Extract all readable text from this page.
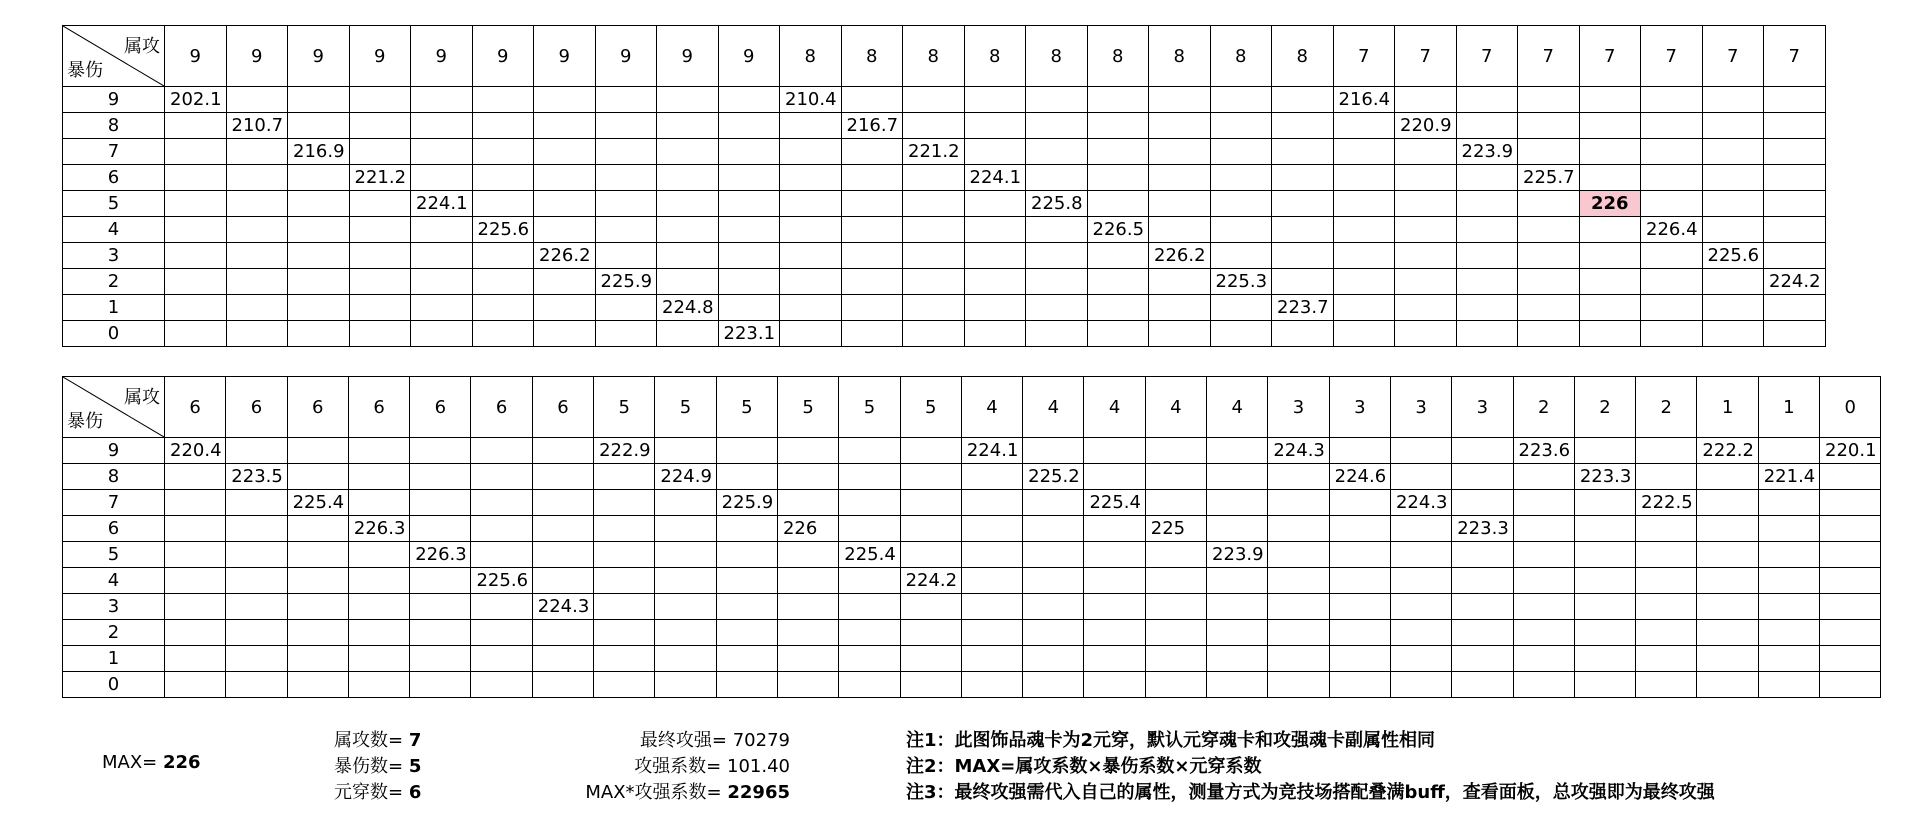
属攻
暴伤	9	9	9	9	9	9	9	9	9	9	8	8	8	8	8	8	8	8	8	7	7	7	7	7	7	7	7
9	202.1										210.4									216.4							
8		210.7										216.7									220.9						
7			216.9										221.2									223.9					
6				221.2										224.1									225.7				
5					224.1										225.8									226			
4						225.6										226.5									226.4		
3							226.2										226.2									225.6	
2								225.9										225.3									224.2
1									224.8										223.7								
0										223.1																	
属攻
暴伤	6	6	6	6	6	6	6	5	5	5	5	5	5	4	4	4	4	4	3	3	3	3	2	2	2	1	1	0
9	220.4							222.9						224.1					224.3				223.6			222.2		220.1
8		223.5							224.9						225.2					224.6				223.3			221.4	
7			225.4							225.9						225.4					224.3				222.5			
6				226.3							226						225					223.3						
5					226.3							225.4						223.9										
4						225.6							224.2															
3							224.3																					
2																												
1																												
0																												
MAX= 226
属攻数= 7
暴伤数= 5
元穿数= 6
最终攻强= 70279
攻强系数= 101.40
MAX*攻强系数= 22965
注1：此图饰品魂卡为2元穿，默认元穿魂卡和攻强魂卡副属性相同
注2：MAX=属攻系数×暴伤系数×元穿系数
注3：最终攻强需代入自己的属性，测量方式为竞技场搭配叠满buff，查看面板，总攻强即为最终攻强
